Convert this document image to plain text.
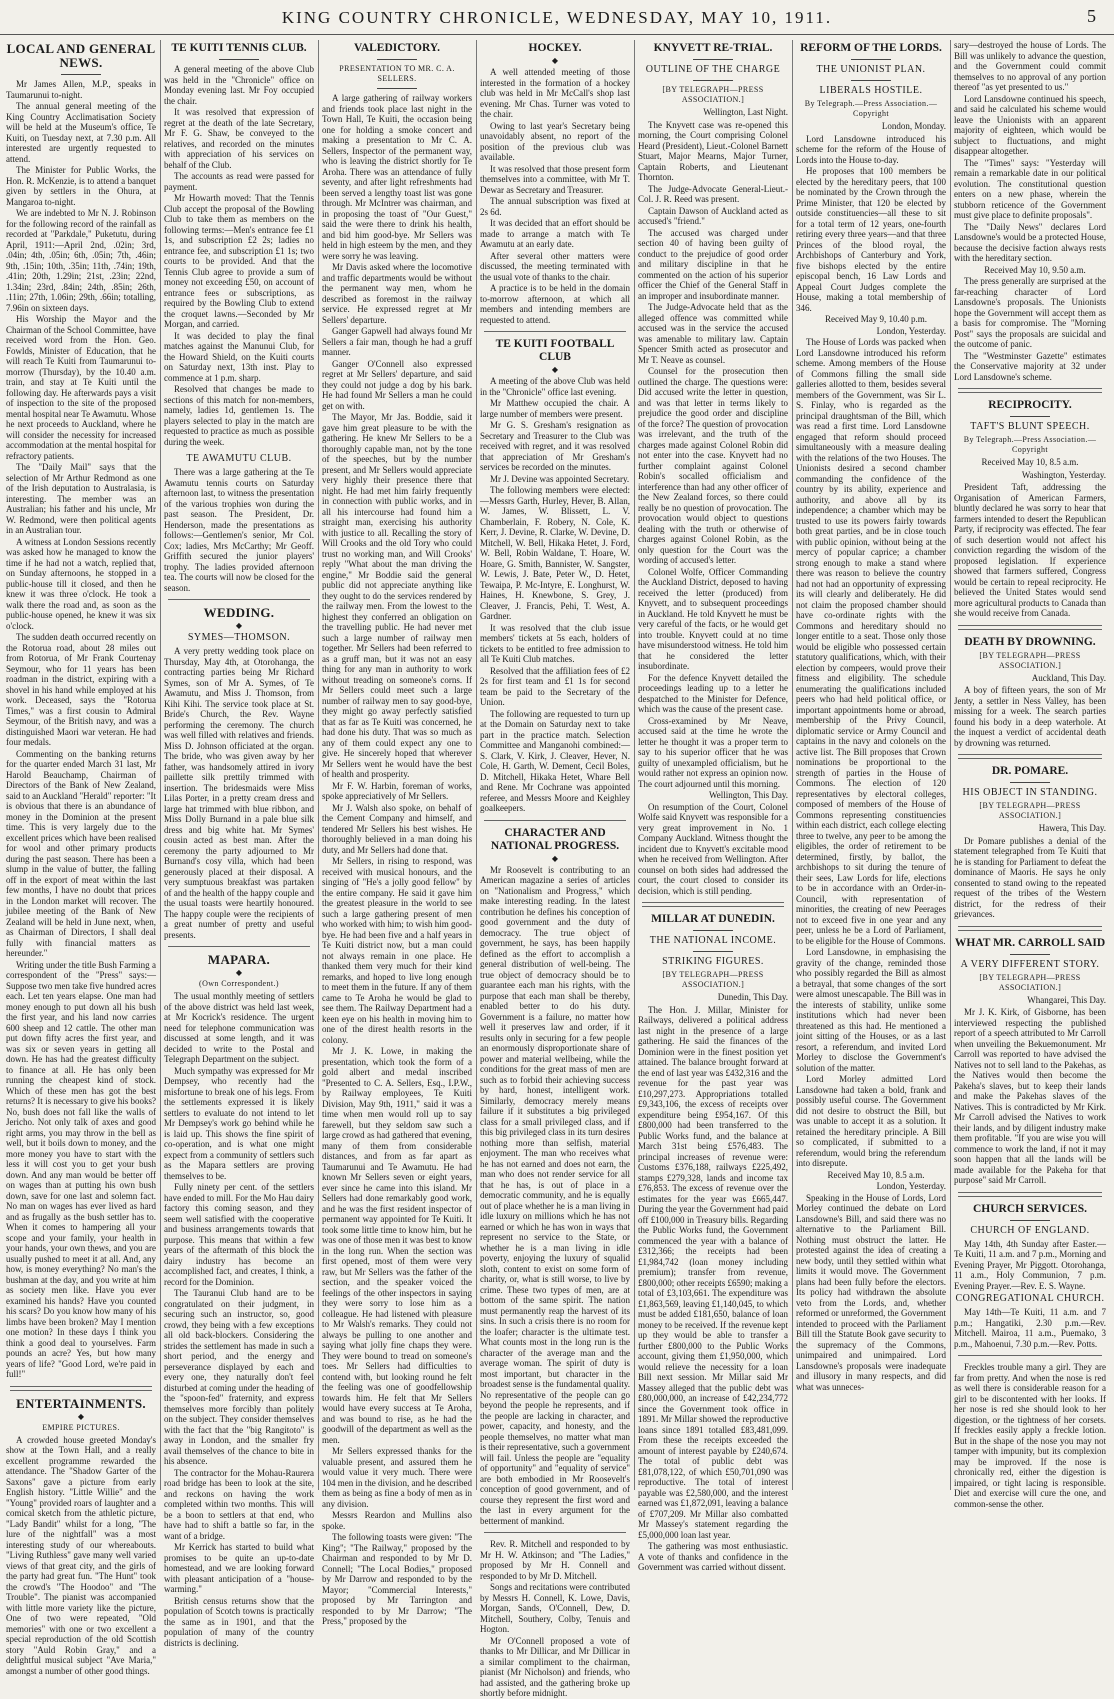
KING COUNTRY CHRONICLE, WEDNESDAY, MAY 10, 1911.	5
LOCAL AND GENERAL NEWS.

Mr James Allen, M.P., speaks in Taumarunui to-night.

The annual general meeting of the King Country Acclimatisation Society will be held at the Museum's office, Te Kuiti, on Tuesday next, at 7.30 p.m. All interested are urgently requested to attend.

The Minister for Public Works, the Hon. R. McKenzie, is to attend a banquet given by settlers in the Ohura, at Mangaroa to-night.

We are indebted to Mr N. J. Robinson for the following record of the rainfall as recorded at "Parkdale," Puketutu, during April, 1911:—April 2nd, .02in; 3rd, .04in; 4th, .05in; 6th, .05in; 7th, .46in; 9th, .15in; 10th, .35in; 11th, .74in; 19th, .41in; 20th, 1.29in; 21st, .23in; 22nd, 1.34in; 23rd, .84in; 24th, .85in; 26th, .11in; 27th, 1.06in; 29th, .66in; totalling, 7.96in on sixteen days.

His Worship the Mayor and the Chairman of the School Committee, have received word from the Hon. Geo. Fowlds, Minister of Education, that he will reach Te Kuiti from Taumarunui to-morrow (Thursday), by the 10.40 a.m. train, and stay at Te Kuiti until the following day. He afterwards pays a visit of inspection to the site of the proposed mental hospital near Te Awamutu. Whose he next proceeds to Auckland, where he will consider the necessity for increased accommodation at the mental hospital for refractory patients.

The "Daily Mail" says that the selection of Mr Arthur Redmond as one of the Irish deputation to Australasia, is interesting. The member was an Australian; his father and his uncle, Mr W. Redmond, were then political agents in an Australian tour.

A witness at London Sessions recently was asked how he managed to know the time if he had not a watch, replied that, on Sunday afternoons, he stopped in a public-house till it closed, and then he knew it was three o'clock. He took a walk there the road and, as soon as the public-house opened, he knew it was six o'clock.

The sudden death occurred recently on the Rotorua road, about 28 miles out from Rotorua, of Mr Frank Courtenay Seymour, who for 11 years has been roadman in the district, expiring with a shovel in his hand while employed at his work. Deceased, says the "Rotorua Times," was a first cousin to Admiral Seymour, of the British navy, and was a distinguished Maori war veteran. He had four medals.

Commenting on the banking returns for the quarter ended March 31 last, Mr Harold Beauchamp, Chairman of Directors of the Bank of New Zealand, said to an Auckland "Herald" reporter: "It is obvious that there is an abundance of money in the Dominion at the present time. This is very largely due to the excellent prices which have been realised for wool and other primary products during the past season. There has been a slump in the value of butter, the falling off in the export of meat within the last few months, I have no doubt that prices in the London market will recover. The jubilee meeting of the Bank of New Zealand will be held in June next, when, as Chairman of Directors, I shall deal fully with financial matters as hereunder."

Writing under the title Bush Farming a correspondent of the "Press" says:—Suppose two men take five hundred acres each. Let ten years elapse. One man had money enough to put down all his bush the first year, and his land now carries 600 sheep and 12 cattle. The other man put down fifty acres the first year, and was six or seven years in getting all down. He has had the greatest difficulty to finance at all. He has only been running the cheapest kind of stock. Which of these men has got the best returns? It is necessary to give his books? No, bush does not fall like the walls of Jericho. Not only talk of axes and good right arms, you may throw in the bell as well, but it boils down to money, and the more money you have to start with the less it will cost you to get your bush down. And any man would be better off on wages than at putting his own bush down, save for one last and solemn fact. No man on wages has ever lived as hard and as frugally as the bush settler has to. When it comes to hampering all your scope and your family, your health in your hands, your own thews, and you are usually pushed to meet it at all. And, any how, is money everything? No man's the bushman at the day, and you write at him as society men like. Have you ever examined his hands? Have you counted his scars? Do you know how many of his limbs have been broken? May I mention one motion? In these days I think you think a good deal to yourselves. Farm pounds an acre? Yes, but how many years of life? "Good Lord, we're paid in full!"

ENTERTAINMENTS.
◆
EMPIRE PICTURES.

A crowded house greeted Monday's show at the Town Hall, and a really excellent programme rewarded the attendance. The "Shadow Garter of the Saxons" gave a picture from early English history. "Little Willie" and the "Young" provided roars of laughter and a comical sketch from the athletic picture, "Lady Bandit" whilst for a long, "The lure of the nightfall" was a most interesting study of our whereabouts. "Living Ruthless" gave many well varied views of that great city, and the girls of the party had great fun. "The Hunt" took the crowd's "The Hoodoo" and "The Trouble". The pianist was accompanied with little more variety like the picture, One of two were repeated, "Old memories" with one or two excellent a special reproduction of the old Scottish story "Auld Robin Gray," and a delightful musical subject "Ave Maria," amongst a number of other good things.

TE KUITI TENNIS CLUB.

A general meeting of the above Club was held in the "Chronicle" office on Monday evening last. Mr Foy occupied the chair.

It was resolved that expression of regret at the death of the late Secretary, Mr F. G. Shaw, be conveyed to the relatives, and recorded on the minutes with appreciation of his services on behalf of the Club.

The accounts as read were passed for payment.

Mr Howarth moved: That the Tennis Club accept the proposal of the Bowling Club to take them as members on the following terms:—Men's entrance fee £1 1s, and subscription £2 2s; ladies no entrance fee, and subscription £1 1s; two courts to be provided. And that the Tennis Club agree to provide a sum of money not exceeding £50, on account of entrance fees or subscriptions, as required by the Bowling Club to extend the croquet lawns.—Seconded by Mr Morgan, and carried.

It was decided to play the final matches against the Manunui Club, for the Howard Shield, on the Kuiti courts on Saturday next, 13th inst. Play to commence at 1 p.m. sharp.

Resolved that changes be made to sections of this match for non-members, namely, ladies 1d, gentlemen 1s. The players selected to play in the match are requested to practice as much as possible during the week.

TE AWAMUTU CLUB.

There was a large gathering at the Te Awamutu tennis courts on Saturday afternoon last, to witness the presentation of the various trophies won during the past season. The President, Dr. Henderson, made the presentations as follows:—Gentlemen's senior, Mr Col. Cox; ladies, Mrs McCarthy; Mr Geoff. Griffith secured the junior players' trophy. The ladies provided afternoon tea. The courts will now be closed for the season.

WEDDING.
◆
SYMES—THOMSON.

A very pretty wedding took place on Thursday, May 4th, at Otorohanga, the contracting parties being Mr Richard Symes, son of Mr A. Symes, of Te Awamutu, and Miss J. Thomson, from Kihi Kihi. The service took place at St. Bride's Church, the Rev. Wayne performing the ceremony. The church was well filled with relatives and friends. Miss D. Johnson officiated at the organ. The bride, who was given away by her father, was handsomely attired in ivory paillette silk prettily trimmed with insertion. The bridesmaids were Miss Lilas Porter, in a pretty cream dress and large hat trimmed with blue ribbon, and Miss Dolly Burnand in a pale blue silk dress and big white hat. Mr Symes' cousin acted as best man. After the ceremony the party adjourned to Mr Burnand's cosy villa, which had been generously placed at their disposal. A very sumptuous breakfast was partaken of and the health of the happy couple and the usual toasts were heartily honoured. The happy couple were the recipients of a great number of pretty and useful presents.

MAPARA.
◆
(Own Correspondent.)

The usual monthly meeting of settlers of the above district was held last week, at Mr Kocrick's residence. The urgent need for telephone communication was discussed at some length, and it was decided to write to the Postal and Telegraph Department on the subject.

Much sympathy was expressed for Mr Dempsey, who recently had the misfortune to break one of his legs. From the settlements expressed it is likely settlers to evaluate do not intend to let Mr Dempsey's work go behind while he is laid up. This shows the fine spirit of co-operation, and is what one might expect from a community of settlers such as the Mapara settlers are proving themselves to be.

Fully ninety per cent. of the settlers have ended to mill. For the Mo Hau dairy factory this coming season, and they seem well satisfied with the cooperative and business arrangements towards that purpose. This means that within a few years of the aftermath of this block the dairy industry has become an accomplished fact, and creates, I think, a record for the Dominion.

The Tauranui Club hand are to be congratulated on their judgment, in securing such an instructor, so, good crowd, they being with a few exceptions all old back-blockers. Considering the strides the settlement has made in such a short period, and the energy and perseverance displayed by each and every one, they naturally don't feel disturbed at coming under the heading of the "spoon-fed" fraternity, and express themselves more forcibly than politely on the subject. They consider themselves with the fact that the "big Rangitoto" is away in London, and the smaller fry avail themselves of the chance to bite in his absence.

The contractor for the Mohau-Raurera road bridge has been to look at the site, and reckons on having the work completed within two months. This will be a boon to settlers at that end, who have had to shift a battle so far, in the want of a bridge.

Mr Kerrick has started to build what promises to be quite an up-to-date homestead, and we are looking forward with pleasant anticipation of a "house-warming."

British census returns show that the population of Scotch towns is practically the same as in 1901, and that the population of many of the country districts is declining.

VALEDICTORY.
PRESENTATION TO MR. C. A. SELLERS.

A large gathering of railway workers and friends took place last night in the Town Hall, Te Kuiti, the occasion being one for holding a smoke concert and making a presentation to Mr C. A. Sellers, Inspector of the permanent way, who is leaving the district shortly for Te Aroha. There was an attendance of fully seventy, and after light refreshments had been served a lengthy toast list was gone through. Mr McIntrer was chairman, and in proposing the toast of "Our Guest," said the were there to drink his health, and bid him good-bye. Mr Sellers was held in high esteem by the men, and they were sorry he was leaving.

Mr Davis asked where the locomotive and traffic departments would be without the permanent way men, whom he described as foremost in the railway service. He expressed regret at Mr Sellers' departure.

Ganger Gapwell had always found Mr Sellers a fair man, though he had a gruff manner.

Ganger O'Connell also expressed regret at Mr Sellers' departure, and said they could not judge a dog by his bark. He had found Mr Sellers a man he could get on with.

The Mayor, Mr Jas. Boddie, said it gave him great pleasure to be with the gathering. He knew Mr Sellers to be a thoroughly capable man, not by the tone of the speeches, but by the number present, and Mr Sellers would appreciate very highly their presence there that night. He had met him fairly frequently in connection with public works, and in all his intercourse had found him a straight man, exercising his authority with justice to all. Recalling the story of Will Crooks and the old Tory who could trust no working man, and Will Crooks' reply "What about the man driving the engine," Mr Boddie said the general public did not appreciate anything like they ought to do the services rendered by the railway men. From the lowest to the highest they conferred an obligation on the travelling public. He had never met such a large number of railway men together. Mr Sellers had been referred to as a gruff man, but it was not an easy thing for any man in authority to work without treading on someone's corns. If Mr Sellers could meet such a large number of railway men to say good-bye, they might go away perfectly satisfied that as far as Te Kuiti was concerned, he had done his duty. That was so much as any of them could expect any one to give. He sincerely hoped that wherever Mr Sellers went he would have the best of health and prosperity.

Mr F. W. Harbin, foreman of works, spoke appreciatively of Mr Sellers.

Mr J. Walsh also spoke, on behalf of the Cement Company and himself, and tendered Mr Sellers his best wishes. He thoroughly believed in a man doing his duty, and Mr Sellers had done that.

Mr Sellers, in rising to respond, was received with musical honours, and the singing of "He's a jolly good fellow" by the entire company. He said it gave him the greatest pleasure in the world to see such a large gathering present of men who worked with him; to wish him good-bye. He had been five and a half years in Te Kuiti district now, but a man could not always remain in one place. He thanked them very much for their kind remarks, and hoped to live long enough to meet them in the future. If any of them came to Te Aroha he would be glad to see them. The Railway Department had a keen eye on his health in moving him to one of the direst health resorts in the colony.

Mr J. K. Lowe, in making the presentation, which took the form of a gold albert and medal inscribed "Presented to C. A. Sellers, Esq., I.P.W., by Railway employees, Te Kuiti Division, May 9th, 1911," said it was a time when men would roll up to say farewell, but they seldom saw such a large crowd as had gathered that evening, many of them from considerable distances, and from as far apart as Taumarunui and Te Awamutu. He had known Mr Sellers seven or eight years, ever since he came into this island. Mr Sellers had done remarkably good work, and he was the first resident inspector of permanent way appointed for Te Kuiti. It took some little time to know him, but he was one of those men it was best to know in the long run. When the section was first opened, most of them were very raw, but Mr Sellers was the father of the section, and the speaker voiced the feelings of the other inspectors in saying they were sorry to lose him as a colleague. He had listened with pleasure to Mr Walsh's remarks. They could not always be pulling to one another and saying what jolly fine chaps they were. They were bound to tread on someone's toes. Mr Sellers had difficulties to contend with, but looking round he felt the feeling was one of goodfellowship towards him. He felt that Mr Sellers would have every success at Te Aroha, and was bound to rise, as he had the goodwill of the department as well as the men.

Mr Sellers expressed thanks for the valuable present, and assured them he would value it very much. There were 104 men in the division, and he described them as being as fine a body of men as in any division.

Messrs Reardon and Mullins also spoke.

The following toasts were given: "The King"; "The Railway," proposed by the Chairman and responded to by Mr D. Connell; "The Local Bodies," proposed by Mr Darrow and responded to by the Mayor; "Commercial Interests," proposed by Mr Tarrington and responded to by Mr Darrow; "The Press," proposed by the

HOCKEY.
◆

A well attended meeting of those interested in the formation of a hockey club was held in Mr McCall's shop last evening. Mr Chas. Turner was voted to the chair.

Owing to last year's Secretary being unavoidably absent, no report of the position of the previous club was available.

It was resolved that those present form themselves into a committee, with Mr T. Dewar as Secretary and Treasurer.

The annual subscription was fixed at 2s 6d.

It was decided that an effort should be made to arrange a match with Te Awamutu at an early date.

After several other matters were discussed, the meeting terminated with the usual vote of thanks to the chair.

A practice is to be held in the domain to-morrow afternoon, at which all members and intending members are requested to attend.

TE KUITI FOOTBALL CLUB
◆

A meeting of the above Club was held in the "Chronicle" office last evening.

Mr Matthew occupied the chair. A large number of members were present.

Mr G. S. Gresham's resignation as Secretary and Treasurer to the Club was received with regret, and it was resolved that appreciation of Mr Gresham's services be recorded on the minutes.

Mr J. Devine was appointed Secretary.

The following members were elected:—Messrs Garth, Hurley, Hever, B. Allan, W. James, W. Blissett, L. V. Chamberlain, F. Robery, N. Cole, K. Kerr, J. Devine, R. Clarke, W. Devine, D. Mitchell, W. Bell, Hikaka Hetet, J. Ford, W. Bell, Robin Waldane, T. Hoare, W. Hoare, G. Smith, Bannister, W. Sangster, W. Lewis, J. Bate, Peter W., D. Hetet, Tewaipa, P. Mc-Intyre, E. Longhurst, W. Haines, H. Knewbone, S. Grey, J. Cleaver, J. Francis, Pehi, T. West, A. Gardner.

It was resolved that the club issue members' tickets at 5s each, holders of tickets to be entitled to free admission to all Te Kuiti Club matches.

Resolved that the affiliation fees of £2 2s for first team and £1 1s for second team be paid to the Secretary of the Union.

The following are requested to turn up at the Domain on Saturday next to take part in the practice match. Selection Committee and Manganohi combined:—S. Clark, V. Kirk, J. Cleaver, Hever, N. Cole, H. Garth, W. Dement, Cecil Boles, D. Mitchell, Hikaka Hetet, Whare Bell and Rene. Mr Cochrane was appointed referee, and Messrs Moore and Keighley goalkeepers.

CHARACTER AND NATIONAL PROGRESS.
◆

Mr Roosevelt is contributing to an American magazine a series of articles on "Nationalism and Progress," which make interesting reading. In the latest contribution he defines his conception of good government and the duty of democracy. The true object of government, he says, has been happily defined as the effort to accomplish a general distribution of well-being. The true object of democracy should be to guarantee each man his rights, with the purpose that each man shall be thereby, enabled better to do his duty. Government is a failure, no matter how well it preserves law and order, if it results only in securing for a few people an enormously disproportionate share of power and material wellbeing, while the conditions for the great mass of men are such as to forbid their achieving success by hard, honest, intelligent work. Similarly, democracy merely means failure if it substitutes a big privileged class for a small privileged class, and if this big privileged class in its turn desires nothing more than selfish, material enjoyment. The man who receives what he has not earned and does not earn, the man who does not render service for all that he has, is out of place in a democratic community, and he is equally out of place whether he is a man living in idle luxury on millions which he has not earned or which he has won in ways that represent no service to the State, or whether he is a man living in idle poverty, enjoying the luxury of squalid sloth, content to exist on some form of charity, or, what is still worse, to live by crime. These two types of men, are at bottom of the same spirit. The nation must permanently reap the harvest of its sins. In such a crisis there is no room for the loafer; character is the ultimate test. What counts most in the long run is the character of the average man and the average woman. The spirit of duty is most important, but character in the broadest sense is the fundamental quality. No representative of the people can go beyond the people he represents, and if the people are lacking in character, and power, capacity, and honesty, and the people themselves, no matter what man is their representative, such a government will fail. Unless the people are "equality of opportunity" and "equality of service" are both embodied in Mr Roosevelt's conception of good government, and of course they represent the first word and the last in every argument for the betterment of mankind.

Rev. R. Mitchell and responded to by Mr H. W. Atkinson; and "The Ladies," proposed by Mr H. Connell and responded to by Mr D. Mitchell.

Songs and recitations were contributed by Messrs H. Connell, K. Lowe, Davis, Morgan, Sands, O'Connell, Dew, D. Mitchell, Southery, Colby, Tenuis and Hogton.

Mr O'Connell proposed a vote of thanks to Mr Dillicar, and Mr Dillicar in a similar compliment to the chairman, pianist (Mr Nicholson) and friends, who had assisted, and the gathering broke up shortly before midnight.

KNYVETT RE-TRIAL.
OUTLINE OF THE CHARGE
[BY TELEGRAPH—PRESS ASSOCIATION.]
Wellington, Last Night.

The Knyvett case was re-opened this morning, the Court comprising Colonel Heard (President), Lieut.-Colonel Barnett Stuart, Major Mearns, Major Turner, Captain Roberts, and Lieutenant Thornton.

The Judge-Advocate General-Lieut.-Col. J. R. Reed was present.

Captain Dawson of Auckland acted as accused's "friend."

The accused was charged under section 40 of having been guilty of conduct to the prejudice of good order and military discipline in that he commented on the action of his superior officer the Chief of the General Staff in an improper and insubordinate manner.

The Judge-Advocate held that as the alleged offence was committed while accused was in the service the accused was amenable to military law. Captain Spencer Smith acted as prosecutor and Mr T. Neave as counsel.

Counsel for the prosecution then outlined the charge. The questions were: Did accused write the letter in question, and was that letter in terms likely to prejudice the good order and discipline of the force? The question of provocation was irrelevant, and the truth of the charges made against Colonel Robin did not enter into the case. Knyvett had no further complaint against Colonel Robin's socalled officialism and interference than had any other officer of the New Zealand forces, so there could really be no question of provocation. The provocation would object to questions dealing with the truth or otherwise of charges against Colonel Robin, as the only question for the Court was the wording of accused's letter.

Colonel Wolfe, Officer Commanding the Auckland District, deposed to having received the letter (produced) from Knyvett, and to subsequent proceedings in Auckland. He told Knyvett he must be very careful of the facts, or he would get into trouble. Knyvett could at no time have misunderstood witness. He told him that he considered the letter insubordinate.

For the defence Knyvett detailed the proceedings leading up to a letter he despatched to the Minister for Defence, which was the cause of the present case.

Cross-examined by Mr Neave, accused said at the time he wrote the letter he thought it was a proper term to say to his superior officer that he was guilty of unexampled officialism, but he would rather not express an opinion now. The court adjourned until this morning.

Wellington, This Day.

On resumption of the Court, Colonel Wolfe said Knyvett was responsible for a very great improvement in No. 1 Company Auckland. Witness thought the incident due to Knyvett's excitable mood when he received from Wellington. After counsel on both sides had addressed the court, the court closed to consider its decision, which is still pending.

MILLAR AT DUNEDIN.
THE NATIONAL INCOME.
STRIKING FIGURES.
[BY TELEGRAPH—PRESS ASSOCIATION.]
Dunedin, This Day.

The Hon. J. Millar, Minister for Railways, delivered a political address last night in the presence of a large gathering. He said the finances of the Dominion were in the finest position yet attained. The balance brought forward at the end of last year was £432,316 and the revenue for the past year was £10,297,273. Appropriations totalled £9,343,106, the excess of receipts over expenditure being £954,167. Of this £800,000 had been transferred to the Public Works fund, and the balance at March 31st being £576,483. The principal increases of revenue were: Customs £376,188, railways £225,492, stamps £279,328, lands and income tax £76,853. The excess of revenue over the estimates for the year was £665,447. During the year the Government had paid off £100,000 in Treasury bills. Regarding the Public Works fund, the Government commenced the year with a balance of £312,366; the receipts had been £1,984,742 (loan money including premium); transfer from revenue, £800,000; other receipts £6590; making a total of £3,103,661. The expenditure was £1,863,569, leaving £1,140,045, to which must be added £181,650, balance of loan money to be received. If the revenue kept up they would be able to transfer a further £800,000 to the Public Works account, giving them £1,950,000, which would relieve the necessity for a loan Bill next session. Mr Millar said Mr Massey alleged that the public debt was £80,000,000, an increase of £42,234,772 since the Government took office in 1891. Mr Millar showed the reproductive loans since 1891 totalled £83,481,099. From these the receipts exceeded the amount of interest payable by £240,674. The total of public debt was £81,078,122, of which £50,701,090 was reproductive. The total of interest payable was £2,580,000, and the interest earned was £1,872,091, leaving a balance of £707,209. Mr Millar also combatted Mr Massey's statement regarding the £5,000,000 loan last year.

The gathering was most enthusiastic. A vote of thanks and confidence in the Government was carried without dissent.

REFORM OF THE LORDS.
THE UNIONIST PLAN.
LIBERALS HOSTILE.
By Telegraph.—Press Association.—Copyright
London, Monday.

Lord Lansdowne introduced his scheme for the reform of the House of Lords into the House to-day.

He proposes that 100 members be elected by the hereditary peers, that 100 be nominated by the Crown through the Prime Minister, that 120 be elected by outside constituencies—all these to sit for a total term of 12 years, one-fourth retiring every three years—and that three Princes of the blood royal, the Archbishops of Canterbury and York, five bishops elected by the entire episcopal bench, 16 Law Lords and Appeal Court Judges complete the House, making a total membership of 346.

Received May 9, 10.40 p.m.

London, Yesterday.

The House of Lords was packed when Lord Lansdowne introduced his reform scheme. Among members of the House of Commons filling the small side galleries allotted to them, besides several members of the Government, was Sir L. S. Finlay, who is regarded as the principal draughtsman of the Bill, which was read a first time. Lord Lansdowne engaged that reform should proceed simultaneously with a measure dealing with the relations of the two Houses. The Unionists desired a second chamber commanding the confidence of the country by its ability, experience and authority, and above all by its independence; a chamber which may be trusted to use its powers fairly towards both great parties, and be in close touch with public opinion, without being at the mercy of popular caprice; a chamber strong enough to make a stand where there was reason to believe the country had not had an opportunity of expressing its will clearly and deliberately. He did not claim the proposed chamber should have co-ordinate rights with the Commons and hereditary should no longer entitle to a seat. Those only those would be eligible who possessed certain statutory qualifications, which, with their election by compeers, would prove their fitness and eligibility. The schedule enumerating the qualifications included peers who had held political office, or important appointments home or abroad, membership of the Privy Council, diplomatic service or Army Council and captains in the navy and colonels on the active list. The Bill proposes that Crown nominations be proportional to the strength of parties in the House of Commons. The election of 120 representatives by electoral colleges, composed of members of the House of Commons representing constituencies within each district, each college electing three to twelve, any peer to be among the eligibles, the order of retirement to be determined, firstly, by ballot, the archbishops to sit during the tenure of their sees, Law Lords for life, elections to be in accordance with an Order-in-Council, with representation of minorities, the creating of new Peerages not to exceed five in one year and any peer, unless he be a Lord of Parliament, to be eligible for the House of Commons.

Lord Lansdowne, in emphasising the gravity of the change, reminded those who possibly regarded the Bill as almost a betrayal, that some changes of the sort were almost unescapable. The Bill was in the interests of stability, unlike some institutions which had never been threatened as this had. He mentioned a joint sitting of the Houses, or as a last resort, a referendum, and invited Lord Morley to disclose the Government's solution of the matter.

Lord Morley admitted Lord Lansdowne had taken a bold, frank and possibly useful course. The Government did not desire to obstruct the Bill, but was unable to accept it as a solution. It retained the hereditary principle. A Bill so complicated, if submitted to a referendum, would bring the referendum into disrepute.

Received May 10, 8.5 a.m.

London, Yesterday.

Speaking in the House of Lords, Lord Morley continued the debate on Lord Lansdowne's Bill, and said there was no alternative to the Parliament Bill. Nothing must obstruct the latter. He protested against the idea of creating a new body, until they settled within what limits it would move. The Government plans had been fully before the electors. Its policy had withdrawn the absolute veto from the Lords, and, whether reformed or unreformed, the Government intended to proceed with the Parliament Bill till the Statute Book gave security to the supremacy of the Commons, unimpaired and unimpaired. Lord Lansdowne's proposals were inadequate and illusory in many respects, and did what was unneces-

sary—destroyed the house of Lords. The Bill was unlikely to advance the question, and the Government could commit themselves to no approval of any portion thereof "as yet presented to us."

Lord Lansdowne continued his speech, and said he calculated his scheme would leave the Unionists with an apparent majority of eighteen, which would be subject to fluctuations, and might disappear altogether.

The "Times" says: "Yesterday will remain a remarkable date in our political evolution. The constitutional question enters on a new phase, wherein the stubborn reticence of the Government must give place to definite proposals".

The "Daily News" declares Lord Lansdowne's would be a protected House, because the decisive faction always rests with the hereditary section.

Received May 10, 9.50 a.m.

The press generally are surprised at the far-reaching character of Lord Lansdowne's proposals. The Unionists hope the Government will accept them as a basis for compromise. The "Morning Post" says the proposals are suicidal and the outcome of panic.

The "Westminster Gazette" estimates the Conservative majority at 32 under Lord Lansdowne's scheme.

RECIPROCITY.
TAFT'S BLUNT SPEECH.
By Telegraph.—Press Association.—Copyright
Received May 10, 8.5 a.m.
Washington, Yesterday.

President Taft, addressing the Organisation of American Farmers, bluntly declared he was sorry to hear that farmers intended to desert the Republican Party, if reciprocity was effected. The fear of such desertion would not affect his conviction regarding the wisdom of the proposed legislation. If experience showed that farmers suffered, Congress would be certain to repeal reciprocity. He believed the United States would send more agricultural products to Canada than she would receive from Canada.

DEATH BY DROWNING.
[BY TELEGRAPH—PRESS ASSOCIATION.]
Auckland, This Day.

A boy of fifteen years, the son of Mr Jenty, a settler in Ness Valley, has been missing for a week. The search parties found his body in a deep waterhole. At the inquest a verdict of accidental death by drowning was returned.

DR. POMARE.
HIS OBJECT IN STANDING.
[BY TELEGRAPH—PRESS ASSOCIATION.]
Hawera, This Day.

Dr Pomare publishes a denial of the statement telegraphed from Te Kuiti that he is standing for Parliament to defeat the dominance of Maoris. He says he only consented to stand owing to the repeated request of the tribes of the Western district, for the redress of their grievances.

WHAT MR. CARROLL SAID
A VERY DIFFERENT STORY.
[BY TELEGRAPH—PRESS ASSOCIATION.]
Whangarei, This Day.

Mr J. K. Kirk, of Gisborne, has been interviewed respecting the published report of a speech attributed to Mr Carroll when unveiling the Bekuemonument. Mr Carroll was reported to have advised the Natives not to sell land to the Pakehas, as the Natives would then become the Pakeha's slaves, but to keep their lands and make the Pakehas slaves of the Natives. This is contradicted by Mr Kirk. Mr Carroll advised the Natives to work their lands, and by diligent industry make them profitable. "If you are wise you will commence to work the land, if not it may soon happen that all the lands will be made available for the Pakeha for that purpose" said Mr Carroll.

CHURCH SERVICES.
CHURCH OF ENGLAND.

May 14th, 4th Sunday after Easter.—Te Kuiti, 11 a.m. and 7 p.m., Morning and Evening Prayer, Mr Piggott. Otorohanga, 11 a.m., Holy Communion, 7 p.m. Evening Prayer.—Rev. E. S. Wayne.

CONGREGATIONAL CHURCH.

May 14th—Te Kuiti, 11 a.m. and 7 p.m.; Hangatiki, 2.30 p.m.—Rev. Mitchell. Mairoa, 11 a.m., Puemako, 3 p.m., Mahoenui, 7.30 p.m.—Rev. Potts.

Freckles trouble many a girl. They are far from pretty. And when the nose is red as well there is considerable reason for a girl to be discontented with her looks. If her nose is red she should look to her digestion, or the tightness of her corsets. If freckles easily apply a freckle lotion. But in the shape of the nose you may not tamper with impunity, but its complexion may be improved. If the nose is chronically red, either the digestion is impaired, or tight lacing is responsible. Diet and exercise will cure the one, and common-sense the other.
